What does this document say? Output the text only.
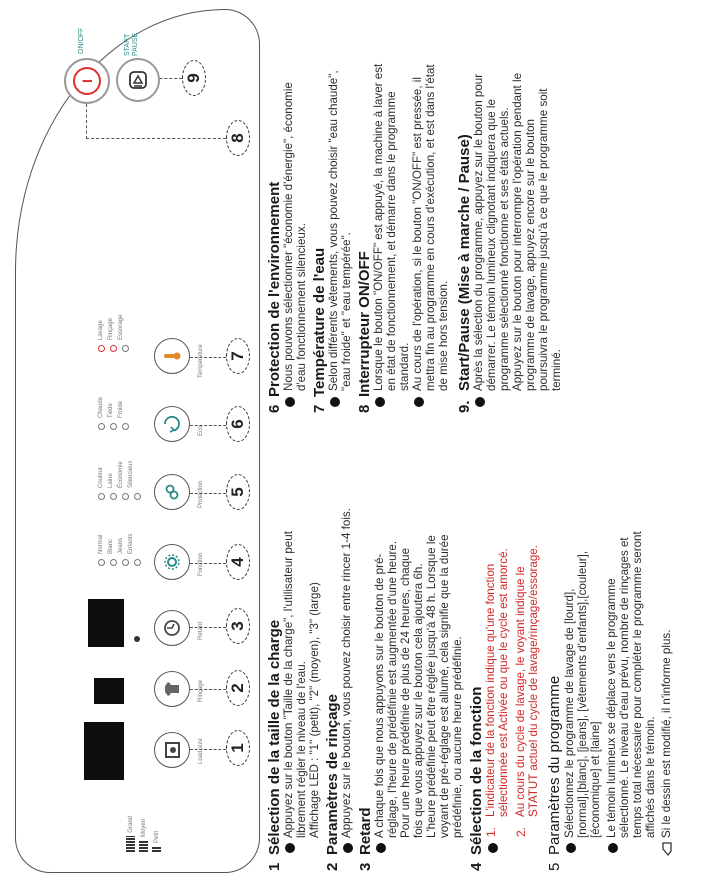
Grand Moyen Petit
Load size
Rinçage
Retard
Fonction
Protection
Eco
Température
Normal Blanc Jeans Enfants
Couleur Laine Économie Silencieux
Chaude Tiède Froide
Lavage Rinçage Essorage
1
2
3
4
5
6
7
8
9
I
ON/OFF	START
PAUSE
1Sélection de la taille de la charge Appuyez sur le bouton "Taille de la charge", l'utilisateur peut librement régler le niveau de l'eau. Affichage LED : "1" (petit), "2" (moyen), "3" (large)
2Paramètres de rinçage Appuyez sur le bouton, vous pouvez choisir entre rincer 1-4 fois.
3Retard A chaque fois que nous appuyons sur le bouton de pré- réglage, l'heure de prédéfinie est augmentée d'une heure. Pour une heure prédéfinie de plus de 24 heures, chaque fois que vous appuyez sur le bouton cela ajoutera 6h. L'heure prédéfinie peut être réglée jusqu'à 48 h. Lorsque le voyant de pré-réglage est allumé, cela signifie que la durée prédéfinie, ou aucune heure prédéfinie.
4Sélection de la fonction 1.
L'indicateur de la fonction indique qu'une fonction sélectionnée est Activée ou que le cycle est amorcé.
2.
Au cours du cycle de lavage, le voyant indique le STATUT actuel du cycle de lavage/rinçage/essorage.
5Paramètres du programme Sélectionnez le programme de lavage de [lourd], [normal],[blanc], [jeans], [vêtements d'enfants],[couleur], [économique] et [laine] Le témoin lumineux se déplace vers le programme sélectionné. Le niveau d'eau prévu, nombre de rinçages et temps total nécessaire pour compléter le programme seront affichés dans le témoin. Si le dessin est modifié, il n'informe plus.
6Protection de l'environnement Nous pouvons sélectionner "économie d'énergie", économie d'eau fonctionnement silencieux.
7Température de l'eau Selon différents vêtements, vous pouvez choisir "eau chaude", "eau froide" et "eau tempérée".
8Interrupteur ON/OFF Lorsque le bouton "ON/OFF" est appuyé, la machine à laver est en état de fonctionnement, et démarre dans le programme standard. Au cours de l'opération, si le bouton "ON/OFF" est pressée, il mettra fin au programme en cours d'exécution, et est dans l'état de mise hors tension.
9.Start/Pause (Mise à marche / Pause) Après la sélection du programme, appuyez sur le bouton pour démarrer. Le témoin lumineux clignotant indiquera que le programme sélectionné fonctionne et ses états actuels. Appuyez sur le bouton pour interrompre l'opération pendant le programme de lavage, appuyez encore sur le bouton poursuivra le programme jusqu'à ce que le programme soit terminé.
